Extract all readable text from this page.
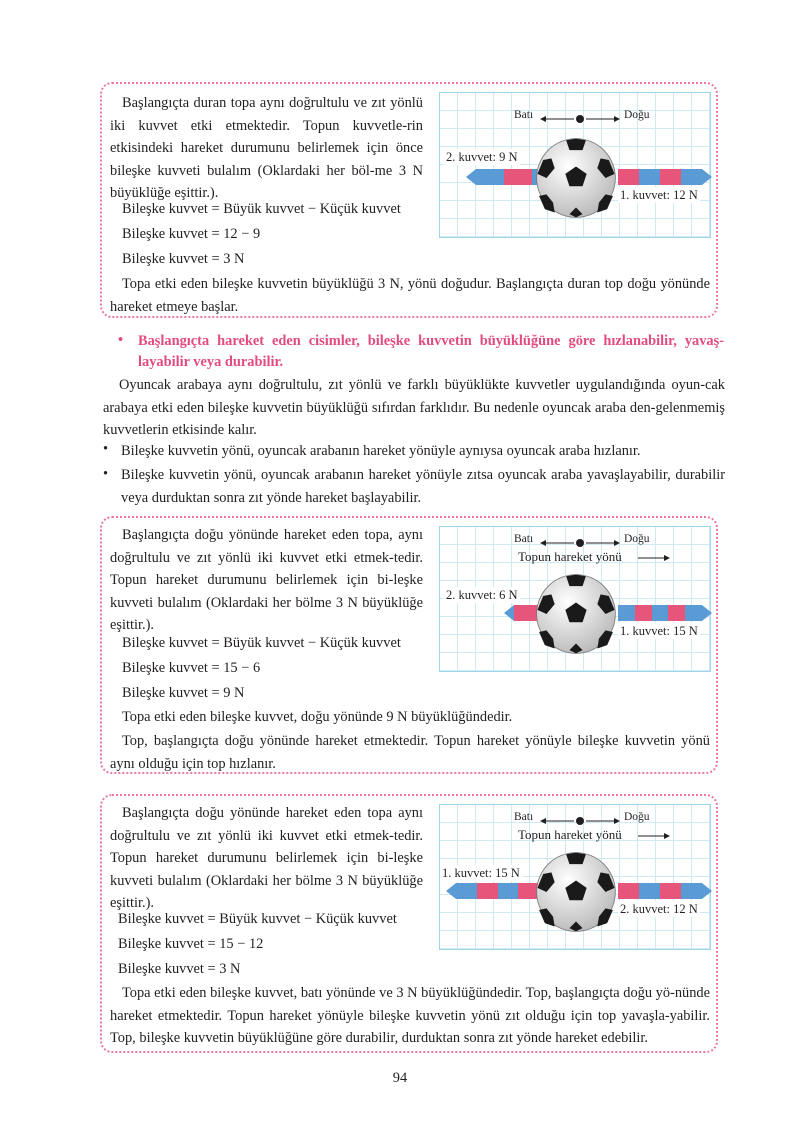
Başlangıçta duran topa aynı doğrultulu ve zıt yönlü iki kuvvet etki etmektedir. Topun kuvvetle-rin etkisindeki hareket durumunu belirlemek için önce bileşke kuvveti bulalım (Oklardaki her böl-me 3 N büyüklüğe eşittir.).

Bileşke kuvvet = Büyük kuvvet − Küçük kuvvet

Bileşke kuvvet = 12 − 9

Bileşke kuvvet = 3 N

Topa etki eden bileşke kuvvetin büyüklüğü 3 N, yönü doğudur. Başlangıçta duran top doğu yönünde hareket etmeye başlar.

Batı	Doğu
2. kuvvet: 9 N
1. kuvvet: 12 N
• Başlangıçta hareket eden cisimler, bileşke kuvvetin büyüklüğüne göre hızlanabilir, yavaş-layabilir veya durabilir.

Oyuncak arabaya aynı doğrultulu, zıt yönlü ve farklı büyüklükte kuvvetler uygulandığında oyun-cak arabaya etki eden bileşke kuvvetin büyüklüğü sıfırdan farklıdır. Bu nedenle oyuncak araba den-gelenmemiş kuvvetlerin etkisinde kalır.

• Bileşke kuvvetin yönü, oyuncak arabanın hareket yönüyle aynıysa oyuncak araba hızlanır.

• Bileşke kuvvetin yönü, oyuncak arabanın hareket yönüyle zıtsa oyuncak araba yavaşlayabilir, durabilir veya durduktan sonra zıt yönde hareket başlayabilir.

Başlangıçta doğu yönünde hareket eden topa, aynı doğrultulu ve zıt yönlü iki kuvvet etki etmek-tedir. Topun hareket durumunu belirlemek için bi-leşke kuvveti bulalım (Oklardaki her bölme 3 N büyüklüğe eşittir.).

Bileşke kuvvet = Büyük kuvvet − Küçük kuvvet

Bileşke kuvvet = 15 − 6

Bileşke kuvvet = 9 N

Topa etki eden bileşke kuvvet, doğu yönünde 9 N büyüklüğündedir.

Top, başlangıçta doğu yönünde hareket etmektedir. Topun hareket yönüyle bileşke kuvvetin yönü aynı olduğu için top hızlanır.

Batı	Doğu
Topun hareket yönü
2. kuvvet: 6 N
1. kuvvet: 15 N

Başlangıçta doğu yönünde hareket eden topa aynı doğrultulu ve zıt yönlü iki kuvvet etki etmek-tedir. Topun hareket durumunu belirlemek için bi-leşke kuvveti bulalım (Oklardaki her bölme 3 N büyüklüğe eşittir.).

Bileşke kuvvet = Büyük kuvvet − Küçük kuvvet

Bileşke kuvvet = 15 − 12

Bileşke kuvvet = 3 N

Topa etki eden bileşke kuvvet, batı yönünde ve 3 N büyüklüğündedir. Top, başlangıçta doğu yö-nünde hareket etmektedir. Topun hareket yönüyle bileşke kuvvetin yönü zıt olduğu için top yavaşla-yabilir. Top, bileşke kuvvetin büyüklüğüne göre durabilir, durduktan sonra zıt yönde hareket edebilir.

Batı	Doğu
Topun hareket yönü
1. kuvvet: 15 N
2. kuvvet: 12 N
94
